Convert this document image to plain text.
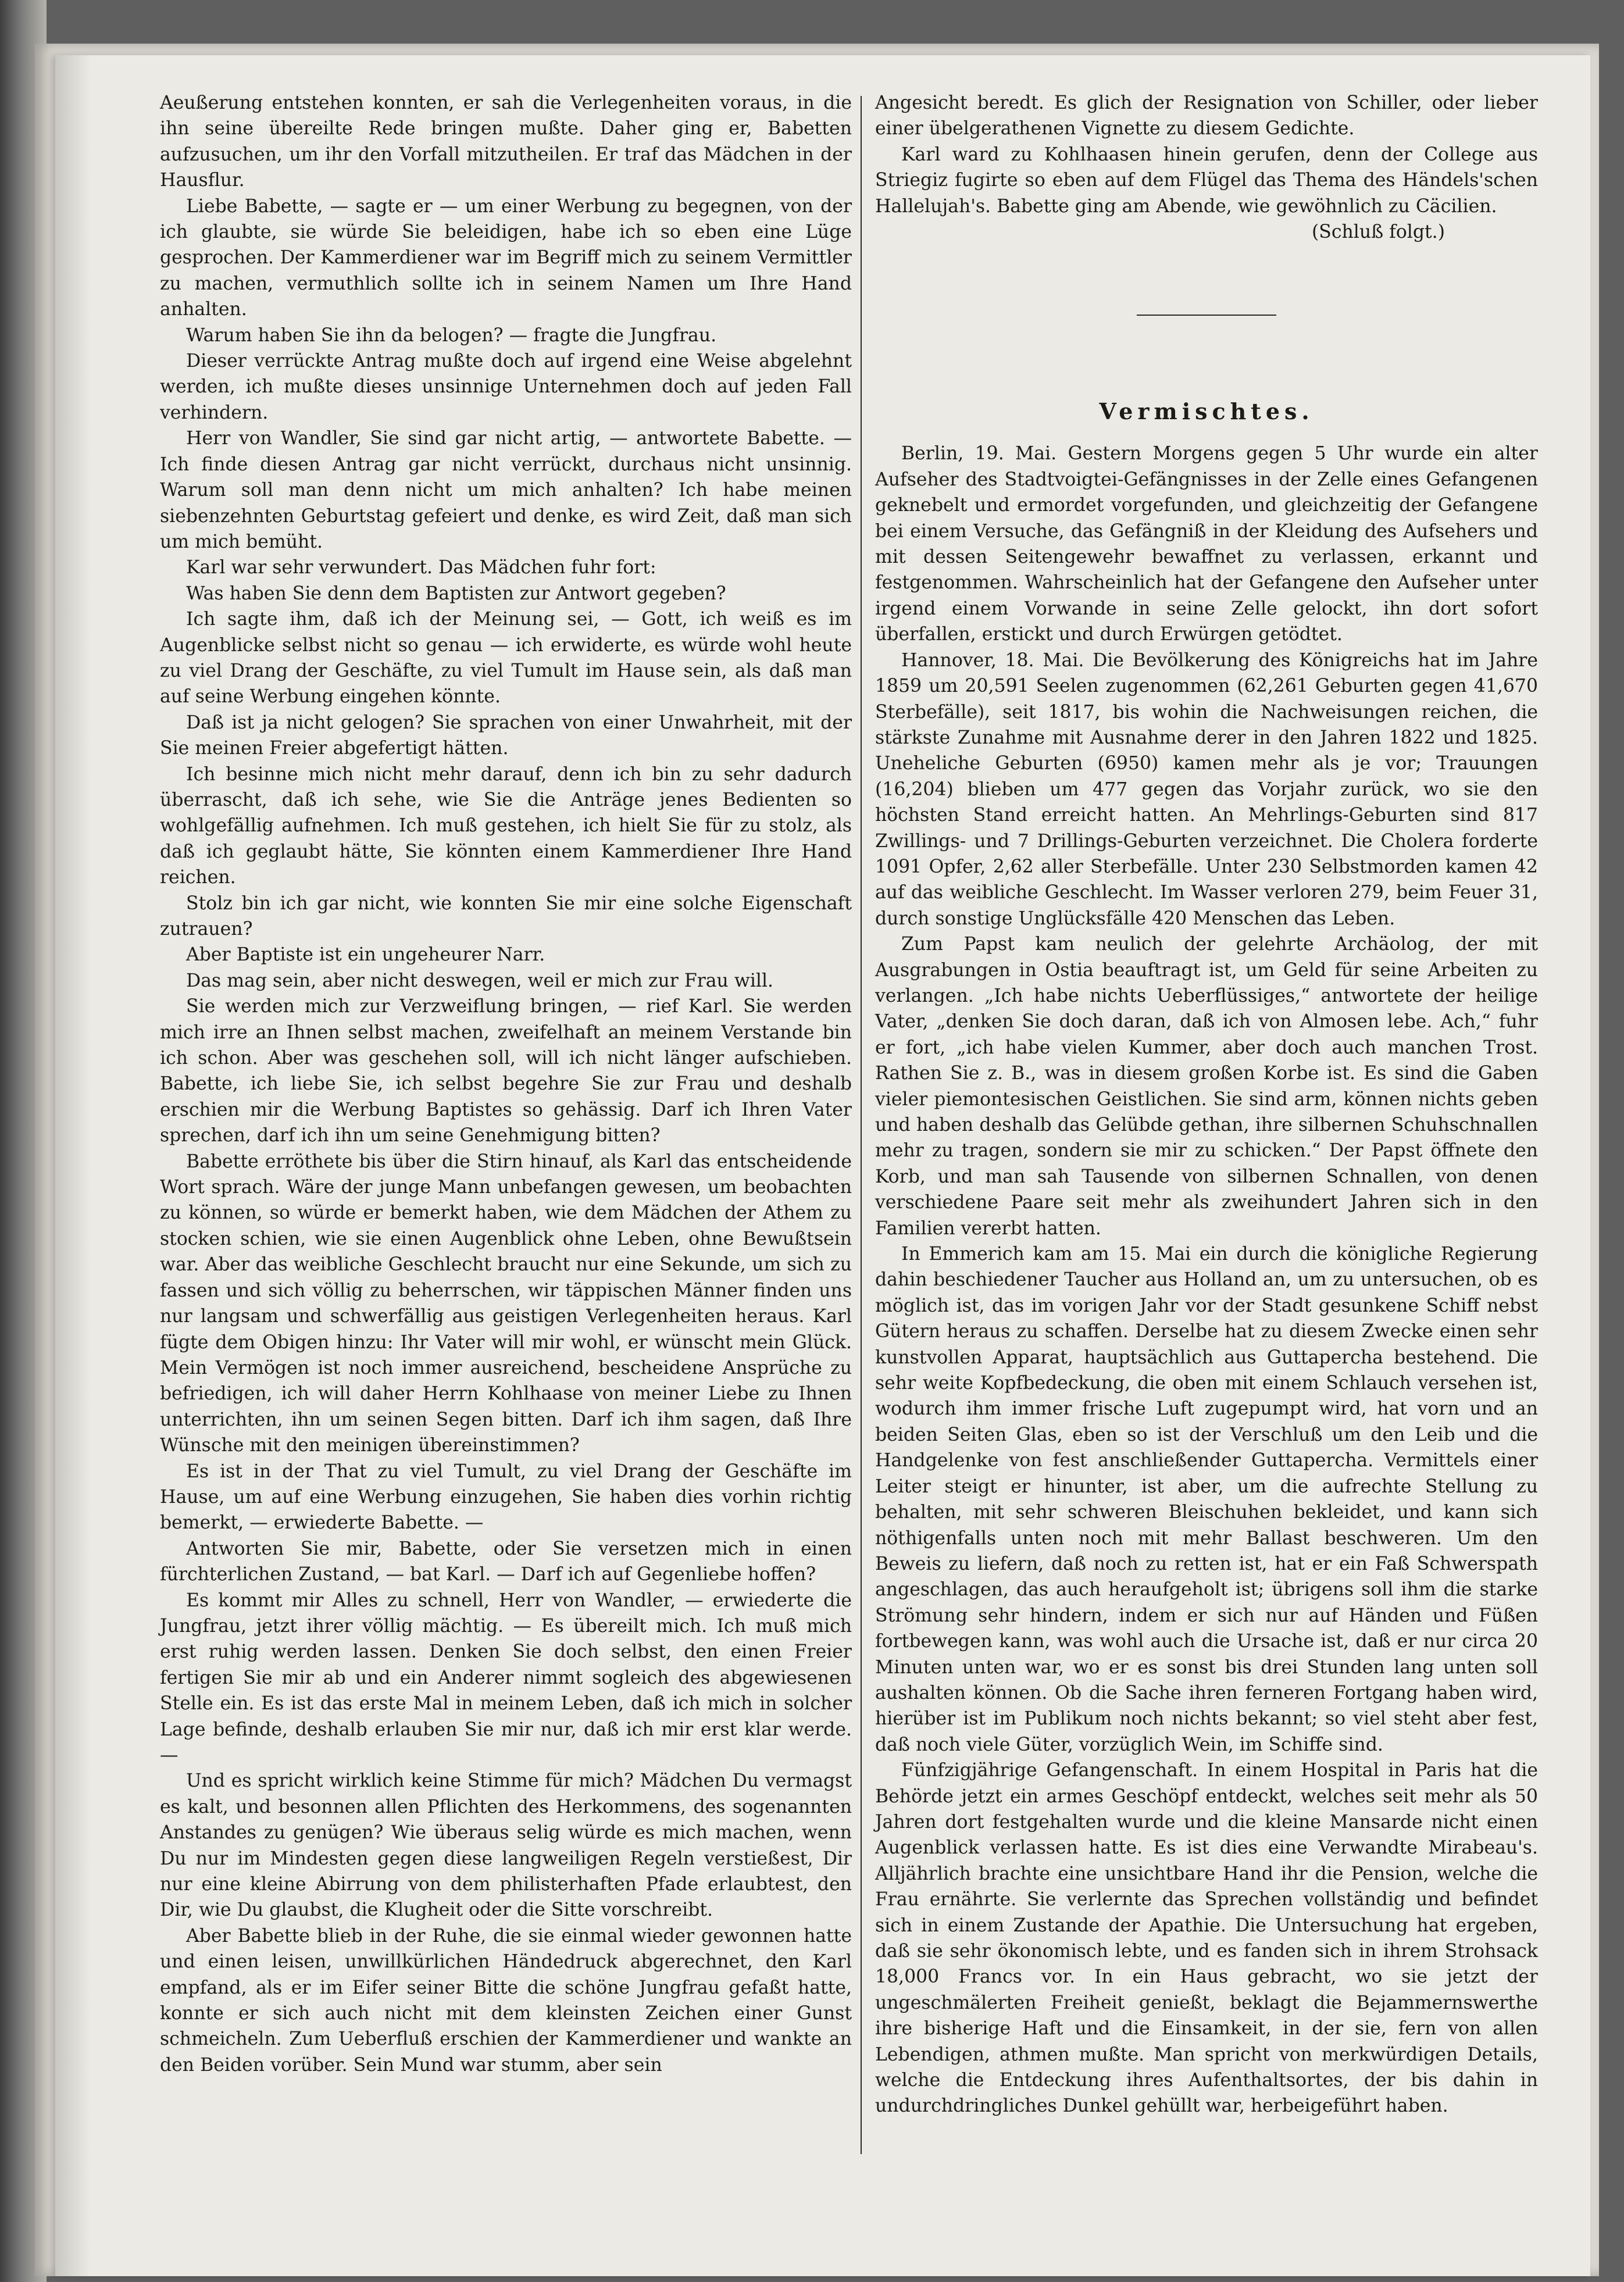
Aeußerung entstehen konnten, er sah die Verlegenheiten voraus, in die ihn seine übereilte Rede bringen mußte. Daher ging er, Babetten aufzusuchen, um ihr den Vorfall mitzutheilen. Er traf das Mädchen in der Hausflur.

Liebe Babette, — sagte er — um einer Werbung zu begegnen, von der ich glaubte, sie würde Sie beleidigen, habe ich so eben eine Lüge gesprochen. Der Kammerdiener war im Begriff mich zu seinem Vermittler zu machen, vermuthlich sollte ich in seinem Namen um Ihre Hand anhalten.

Warum haben Sie ihn da belogen? — fragte die Jungfrau.

Dieser verrückte Antrag mußte doch auf irgend eine Weise abgelehnt werden, ich mußte dieses unsinnige Unternehmen doch auf jeden Fall verhindern.

Herr von Wandler, Sie sind gar nicht artig, — antwortete Babette. — Ich finde diesen Antrag gar nicht verrückt, durchaus nicht unsinnig. Warum soll man denn nicht um mich anhalten? Ich habe meinen siebenzehnten Geburtstag gefeiert und denke, es wird Zeit, daß man sich um mich bemüht.

Karl war sehr verwundert. Das Mädchen fuhr fort:

Was haben Sie denn dem Baptisten zur Antwort gegeben?

Ich sagte ihm, daß ich der Meinung sei, — Gott, ich weiß es im Augenblicke selbst nicht so genau — ich erwiderte, es würde wohl heute zu viel Drang der Geschäfte, zu viel Tumult im Hause sein, als daß man auf seine Werbung eingehen könnte.

Daß ist ja nicht gelogen? Sie sprachen von einer Unwahrheit, mit der Sie meinen Freier abgefertigt hätten.

Ich besinne mich nicht mehr darauf, denn ich bin zu sehr dadurch überrascht, daß ich sehe, wie Sie die Anträge jenes Bedienten so wohlgefällig aufnehmen. Ich muß gestehen, ich hielt Sie für zu stolz, als daß ich geglaubt hätte, Sie könnten einem Kammerdiener Ihre Hand reichen.

Stolz bin ich gar nicht, wie konnten Sie mir eine solche Eigenschaft zutrauen?

Aber Baptiste ist ein ungeheurer Narr.

Das mag sein, aber nicht deswegen, weil er mich zur Frau will.

Sie werden mich zur Verzweiflung bringen, — rief Karl. Sie werden mich irre an Ihnen selbst machen, zweifelhaft an meinem Verstande bin ich schon. Aber was geschehen soll, will ich nicht länger aufschieben. Babette, ich liebe Sie, ich selbst begehre Sie zur Frau und deshalb erschien mir die Werbung Baptistes so gehässig. Darf ich Ihren Vater sprechen, darf ich ihn um seine Genehmigung bitten?

Babette erröthete bis über die Stirn hinauf, als Karl das entscheidende Wort sprach. Wäre der junge Mann unbefangen gewesen, um beobachten zu können, so würde er bemerkt haben, wie dem Mädchen der Athem zu stocken schien, wie sie einen Augenblick ohne Leben, ohne Bewußtsein war. Aber das weibliche Geschlecht braucht nur eine Sekunde, um sich zu fassen und sich völlig zu beherrschen, wir täppischen Männer finden uns nur langsam und schwerfällig aus geistigen Verlegenheiten heraus. Karl fügte dem Obigen hinzu: Ihr Vater will mir wohl, er wünscht mein Glück. Mein Vermögen ist noch immer ausreichend, bescheidene Ansprüche zu befriedigen, ich will daher Herrn Kohlhaase von meiner Liebe zu Ihnen unterrichten, ihn um seinen Segen bitten. Darf ich ihm sagen, daß Ihre Wünsche mit den meinigen übereinstimmen?

Es ist in der That zu viel Tumult, zu viel Drang der Geschäfte im Hause, um auf eine Werbung einzugehen, Sie haben dies vorhin richtig bemerkt, — erwiederte Babette. —

Antworten Sie mir, Babette, oder Sie versetzen mich in einen fürchterlichen Zustand, — bat Karl. — Darf ich auf Gegenliebe hoffen?

Es kommt mir Alles zu schnell, Herr von Wandler, — erwiederte die Jungfrau, jetzt ihrer völlig mächtig. — Es übereilt mich. Ich muß mich erst ruhig werden lassen. Denken Sie doch selbst, den einen Freier fertigen Sie mir ab und ein Anderer nimmt sogleich des abgewiesenen Stelle ein. Es ist das erste Mal in meinem Leben, daß ich mich in solcher Lage befinde, deshalb erlauben Sie mir nur, daß ich mir erst klar werde. —

Und es spricht wirklich keine Stimme für mich? Mädchen Du vermagst es kalt, und besonnen allen Pflichten des Herkommens, des sogenannten Anstandes zu genügen? Wie überaus selig würde es mich machen, wenn Du nur im Mindesten gegen diese langweiligen Regeln verstießest, Dir nur eine kleine Abirrung von dem philisterhaften Pfade erlaubtest, den Dir, wie Du glaubst, die Klugheit oder die Sitte vorschreibt.

Aber Babette blieb in der Ruhe, die sie einmal wieder gewonnen hatte und einen leisen, unwillkürlichen Händedruck abgerechnet, den Karl empfand, als er im Eifer seiner Bitte die schöne Jungfrau gefaßt hatte, konnte er sich auch nicht mit dem kleinsten Zeichen einer Gunst schmeicheln. Zum Ueberfluß erschien der Kammerdiener und wankte an den Beiden vorüber. Sein Mund war stumm, aber sein

Angesicht beredt. Es glich der Resignation von Schiller, oder lieber einer übelgerathenen Vignette zu diesem Gedichte.

Karl ward zu Kohlhaasen hinein gerufen, denn der College aus Striegiz fugirte so eben auf dem Flügel das Thema des Händels'schen Hallelujah's. Babette ging am Abende, wie gewöhnlich zu Cäcilien.

(Schluß folgt.)

Vermischtes.

Berlin, 19. Mai. Gestern Morgens gegen 5 Uhr wurde ein alter Aufseher des Stadtvoigtei-Gefängnisses in der Zelle eines Gefangenen geknebelt und ermordet vorgefunden, und gleichzeitig der Gefangene bei einem Versuche, das Gefängniß in der Kleidung des Aufsehers und mit dessen Seitengewehr bewaffnet zu verlassen, erkannt und festgenommen. Wahrscheinlich hat der Gefangene den Aufseher unter irgend einem Vorwande in seine Zelle gelockt, ihn dort sofort überfallen, erstickt und durch Erwürgen getödtet.

Hannover, 18. Mai. Die Bevölkerung des Königreichs hat im Jahre 1859 um 20,591 Seelen zugenommen (62,261 Geburten gegen 41,670 Sterbefälle), seit 1817, bis wohin die Nachweisungen reichen, die stärkste Zunahme mit Ausnahme derer in den Jahren 1822 und 1825. Uneheliche Geburten (6950) kamen mehr als je vor; Trauungen (16,204) blieben um 477 gegen das Vorjahr zurück, wo sie den höchsten Stand erreicht hatten. An Mehrlings-Geburten sind 817 Zwillings- und 7 Drillings-Geburten verzeichnet. Die Cholera forderte 1091 Opfer, 2,62 aller Sterbefälle. Unter 230 Selbstmorden kamen 42 auf das weibliche Geschlecht. Im Wasser verloren 279, beim Feuer 31, durch sonstige Unglücksfälle 420 Menschen das Leben.

Zum Papst kam neulich der gelehrte Archäolog, der mit Ausgrabungen in Ostia beauftragt ist, um Geld für seine Arbeiten zu verlangen. „Ich habe nichts Ueberflüssiges,“ antwortete der heilige Vater, „denken Sie doch daran, daß ich von Almosen lebe. Ach,“ fuhr er fort, „ich habe vielen Kummer, aber doch auch manchen Trost. Rathen Sie z. B., was in diesem großen Korbe ist. Es sind die Gaben vieler piemontesischen Geistlichen. Sie sind arm, können nichts geben und haben deshalb das Gelübde gethan, ihre silbernen Schuhschnallen mehr zu tragen, sondern sie mir zu schicken.“ Der Papst öffnete den Korb, und man sah Tausende von silbernen Schnallen, von denen verschiedene Paare seit mehr als zweihundert Jahren sich in den Familien vererbt hatten.

In Emmerich kam am 15. Mai ein durch die königliche Regierung dahin beschiedener Taucher aus Holland an, um zu untersuchen, ob es möglich ist, das im vorigen Jahr vor der Stadt gesunkene Schiff nebst Gütern heraus zu schaffen. Derselbe hat zu diesem Zwecke einen sehr kunstvollen Apparat, hauptsächlich aus Guttapercha bestehend. Die sehr weite Kopfbedeckung, die oben mit einem Schlauch versehen ist, wodurch ihm immer frische Luft zugepumpt wird, hat vorn und an beiden Seiten Glas, eben so ist der Verschluß um den Leib und die Handgelenke von fest anschließender Guttapercha. Vermittels einer Leiter steigt er hinunter, ist aber, um die aufrechte Stellung zu behalten, mit sehr schweren Bleischuhen bekleidet, und kann sich nöthigenfalls unten noch mit mehr Ballast beschweren. Um den Beweis zu liefern, daß noch zu retten ist, hat er ein Faß Schwerspath angeschlagen, das auch heraufgeholt ist; übrigens soll ihm die starke Strömung sehr hindern, indem er sich nur auf Händen und Füßen fortbewegen kann, was wohl auch die Ursache ist, daß er nur circa 20 Minuten unten war, wo er es sonst bis drei Stunden lang unten soll aushalten können. Ob die Sache ihren ferneren Fortgang haben wird, hierüber ist im Publikum noch nichts bekannt; so viel steht aber fest, daß noch viele Güter, vorzüglich Wein, im Schiffe sind.

Fünfzigjährige Gefangenschaft. In einem Hospital in Paris hat die Behörde jetzt ein armes Geschöpf entdeckt, welches seit mehr als 50 Jahren dort festgehalten wurde und die kleine Mansarde nicht einen Augenblick verlassen hatte. Es ist dies eine Verwandte Mirabeau's. Alljährlich brachte eine unsichtbare Hand ihr die Pension, welche die Frau ernährte. Sie verlernte das Sprechen vollständig und befindet sich in einem Zustande der Apathie. Die Untersuchung hat ergeben, daß sie sehr ökonomisch lebte, und es fanden sich in ihrem Strohsack 18,000 Francs vor. In ein Haus gebracht, wo sie jetzt der ungeschmälerten Freiheit genießt, beklagt die Bejammernswerthe ihre bisherige Haft und die Einsamkeit, in der sie, fern von allen Lebendigen, athmen mußte. Man spricht von merkwürdigen Details, welche die Entdeckung ihres Aufenthaltsortes, der bis dahin in undurchdringliches Dunkel gehüllt war, herbeigeführt haben.
